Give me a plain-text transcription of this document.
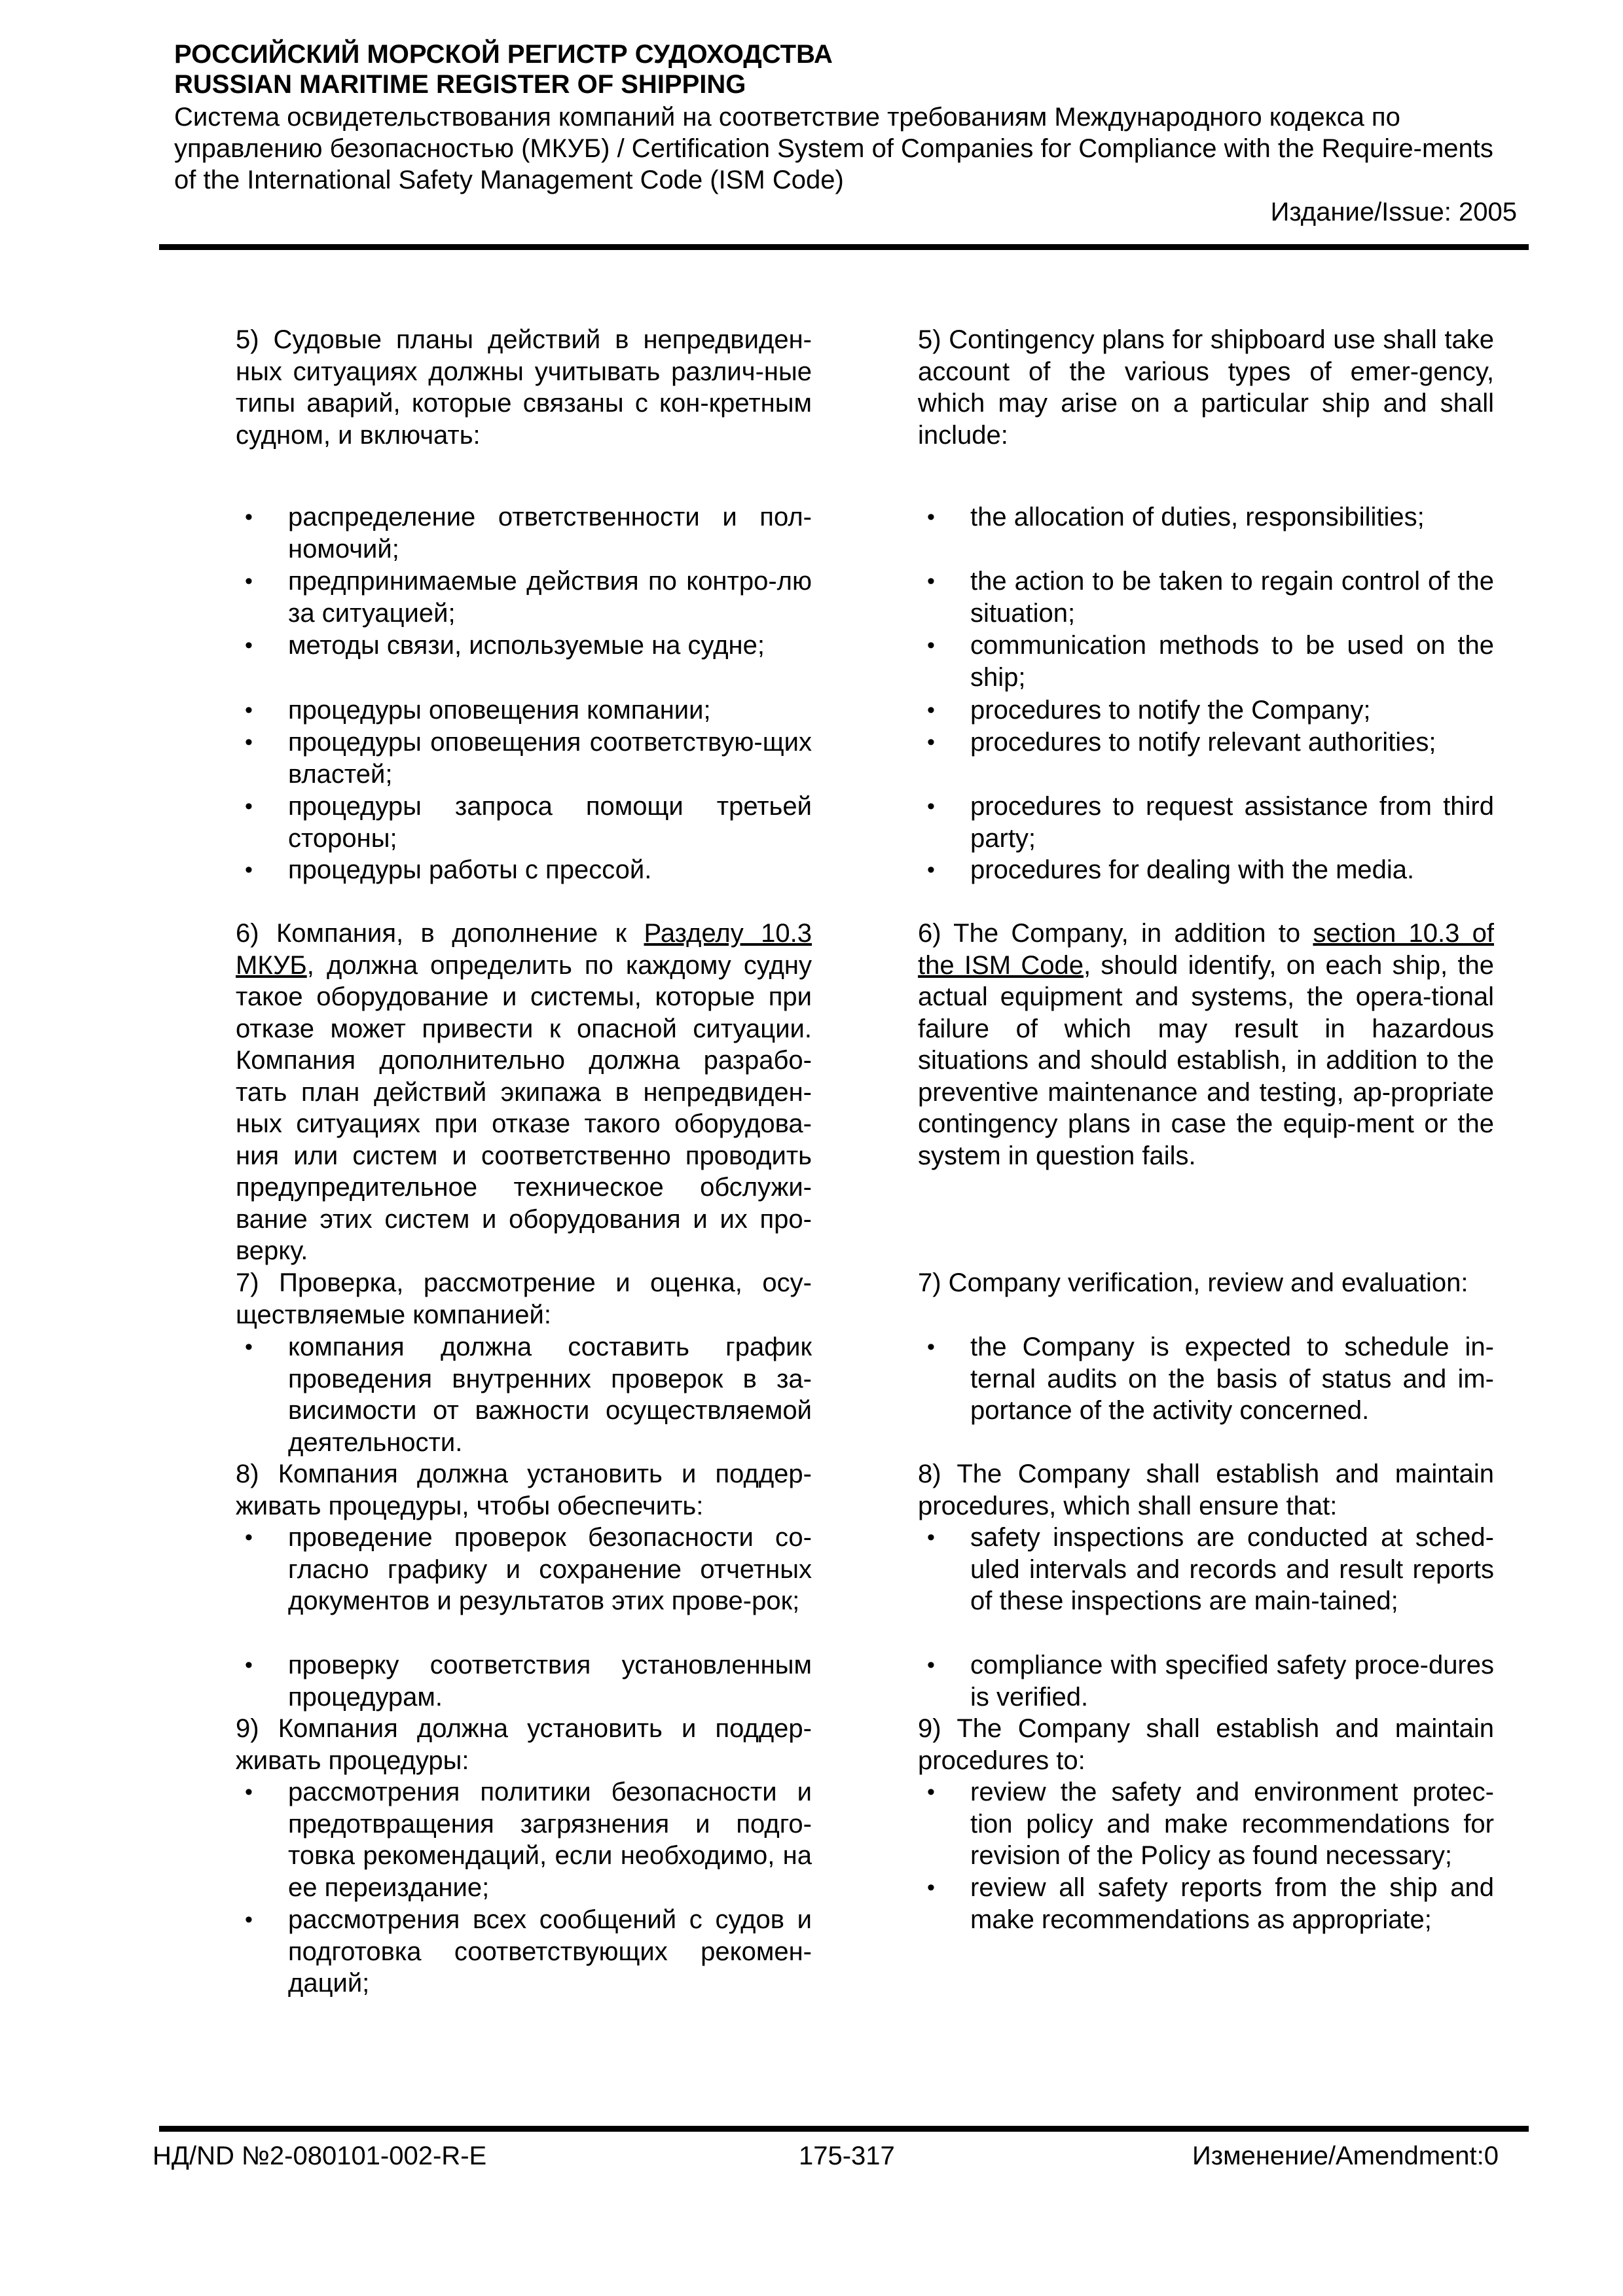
РОССИЙСКИЙ МОРСКОЙ РЕГИСТР СУДОХОДСТВА
RUSSIAN MARITIME REGISTER OF SHIPPING
Система освидетельствования компаний на соответствие требованиям Международного кодекса по управлению безопасностью (МКУБ) / Certification System of Companies for Compliance with the Require-ments of the International Safety Management Code (ISM Code)
Издание/Issue: 2005

5) Судовые планы действий в непредвиден-ных ситуациях должны учитывать различ-ные типы аварий, которые связаны с кон-кретным судном, и включать:

• распределение ответственности и пол-номочий;

• предпринимаемые действия по контро-лю за ситуацией;

• методы связи, используемые на судне;

• процедуры оповещения компании;

• процедуры оповещения соответствую-щих властей;

• процедуры запроса помощи третьей стороны;

• процедуры работы с прессой.

6) Компания, в дополнение к Разделу 10.3 МКУБ, должна определить по каждому судну такое оборудование и системы, которые при отказе может привести к опасной ситуации. Компания дополнительно должна разрабо-тать план действий экипажа в непредвиден-ных ситуациях при отказе такого оборудова-ния или систем и соответственно проводить предупредительное техническое обслужи-вание этих систем и оборудования и их про-верку.

7) Проверка, рассмотрение и оценка, осу-ществляемые компанией:

• компания должна составить график проведения внутренних проверок в за-висимости от важности осуществляемой деятельности.

8) Компания должна установить и поддер-живать процедуры, чтобы обеспечить:

• проведение проверок безопасности со-гласно графику и сохранение отчетных документов и результатов этих прове-рок;

• проверку соответствия установленным процедурам.

9) Компания должна установить и поддер-живать процедуры:

• рассмотрения политики безопасности и предотвращения загрязнения и подго-товка рекомендаций, если необходимо, на ее переиздание;

• рассмотрения всех сообщений с судов и подготовка соответствующих рекомен-даций;

5) Contingency plans for shipboard use shall take account of the various types of emer-gency, which may arise on a particular ship and shall include:

• the allocation of duties, responsibilities;

• the action to be taken to regain control of the situation;

• communication methods to be used on the ship;

• procedures to notify the Company;

• procedures to notify relevant authorities;

• procedures to request assistance from third party;

• procedures for dealing with the media.

6) The Company, in addition to section 10.3 of the ISM Code, should identify, on each ship, the actual equipment and systems, the opera-tional failure of which may result in hazardous situations and should establish, in addition to the preventive maintenance and testing, ap-propriate contingency plans in case the equip-ment or the system in question fails.

7) Company verification, review and evaluation:

• the Company is expected to schedule in-ternal audits on the basis of status and im-portance of the activity concerned.

8) The Company shall establish and maintain procedures, which shall ensure that:

• safety inspections are conducted at sched-uled intervals and records and result reports of these inspections are main-tained;

• compliance with specified safety proce-dures is verified.

9) The Company shall establish and maintain procedures to:

• review the safety and environment protec-tion policy and make recommendations for revision of the Policy as found necessary;

• review all safety reports from the ship and make recommendations as appropriate;

НД/ND №2-080101-002-R-E	175-317	Изменение/Amendment:0
